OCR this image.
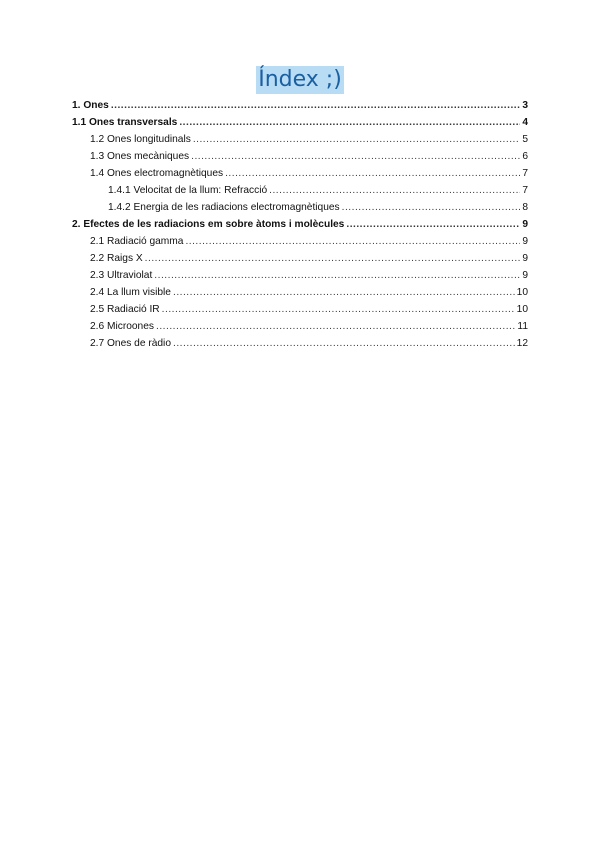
Índex ;)
1. Ones .....	3
1.1 Ones transversals .....	4
1.2 Ones longitudinals .....	5
1.3 Ones mecàniques .....	6
1.4 Ones electromagnètiques .....	7
1.4.1 Velocitat de la llum: Refracció .....	7
1.4.2 Energia de les radiacions electromagnètiques .....	8
2. Efectes de les radiacions em sobre àtoms i molècules .....	9
2.1 Radiació gamma .....	9
2.2 Raigs X .....	9
2.3 Ultraviolat .....	9
2.4 La llum visible .....	10
2.5 Radiació IR .....	10
2.6 Microones .....	11
2.7 Ones de ràdio .....	12
